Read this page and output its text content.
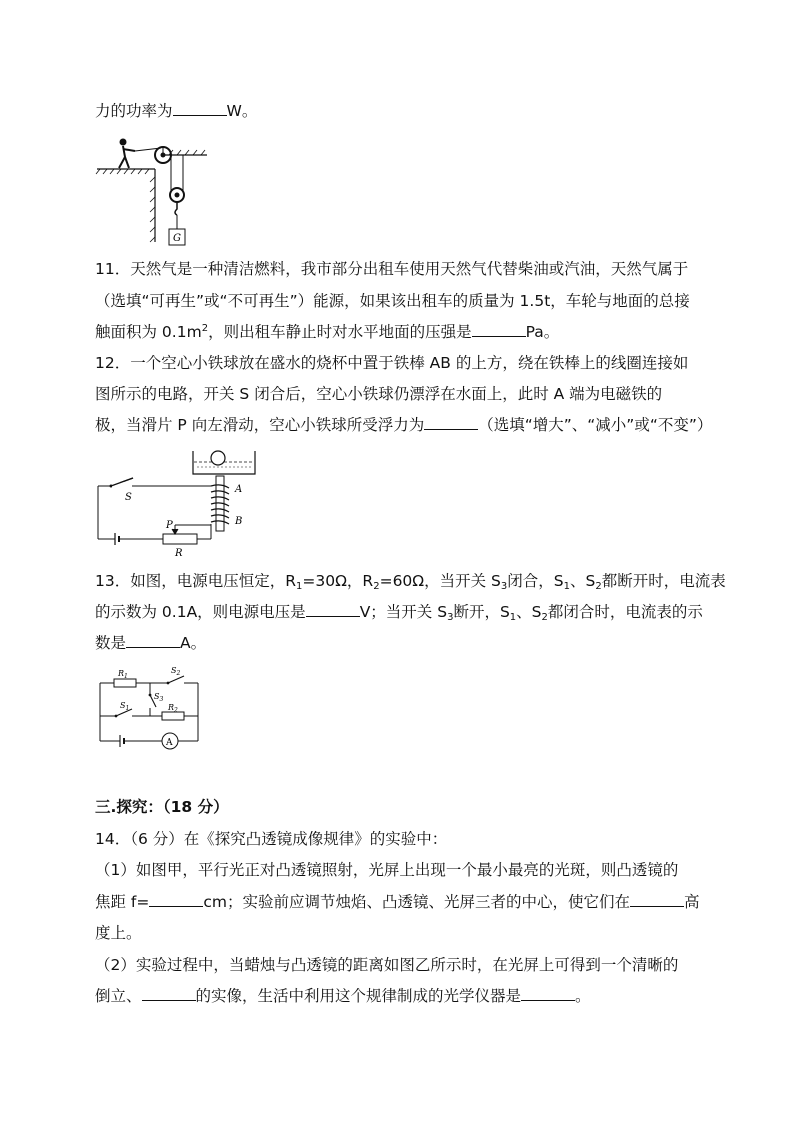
力的功率为	W。
G
11．天然气是一种清洁燃料，我市部分出租车使用天然气代替柴油或汽油，天然气属于
（选填“可再生”或“不可再生”）能源，如果该出租车的质量为 1.5t，车轮与地面的总接
触面积为 $0.1m^2$，则出租车静止时对水平地面的压强是	Pa。
12．一个空心小铁球放在盛水的烧杯中置于铁棒 AB 的上方，绕在铁棒上的线圈连接如
图所示的电路，开关 S 闭合后，空心小铁球仍漂浮在水面上，此时 A 端为电磁铁的
极，当滑片 P 向左滑动，空心小铁球所受浮力为	（选填“增大”、“减小”或“不变”）
A
B
S
P
R
13．如图，电源电压恒定，$R_1=30\Omega$，$R_2=60\Omega$，当开关 $S_3$闭合，$S_1$、$S_2$都断开时，电流表
的示数为 0.1A，则电源电压是	V；当开关 $S_3$断开，$S_1$、$S_2$都闭合时，电流表的示
数是	A。
$R_1$
$S_2$
$S_1$
$S_3$
$R_2$
A
三.探究：（18 分）
14．（6 分）在《探究凸透镜成像规律》的实验中：
（1）如图甲，平行光正对凸透镜照射，光屏上出现一个最小最亮的光斑，则凸透镜的
焦距 f=	cm；实验前应调节烛焰、凸透镜、光屏三者的中心，使它们在	高
度上。
（2）实验过程中，当蜡烛与凸透镜的距离如图乙所示时，在光屏上可得到一个清晰的
倒立、	的实像，生活中利用这个规律制成的光学仪器是	。
